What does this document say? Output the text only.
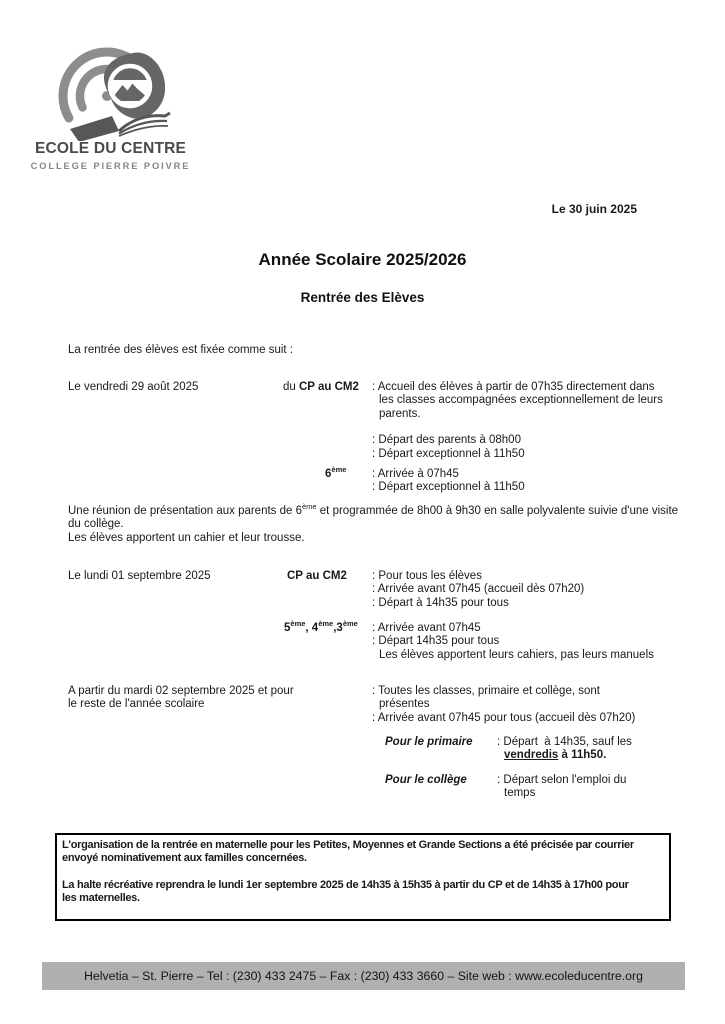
ECOLE DU CENTRE
COLLEGE PIERRE POIVRE
Le 30 juin 2025
Année Scolaire 2025/2026
Rentrée des Elèves
La rentrée des élèves est fixée comme suit :
Le vendredi 29 août 2025	du CP au CM2 : Accueil des élèves à partir de 07h35 directement dans
les classes accompagnées exceptionnellement de leurs
parents.
: Départ des parents à 08h00
: Départ exceptionnel à 11h50
6ème : Arrivée à 07h45
: Départ exceptionnel à 11h50
Une réunion de présentation aux parents de 6ème et programmée de 8h00 à 9h30 en salle polyvalente suivie d'une visite
du collège.
Les élèves apportent un cahier et leur trousse.
Le lundi 01 septembre 2025	CP au CM2 : Pour tous les élèves
: Arrivée avant 07h45 (accueil dès 07h20)
: Départ à 14h35 pour tous
5ème, 4ème,3ème : Arrivée avant 07h45
: Départ 14h35 pour tous
Les élèves apportent leurs cahiers, pas leurs manuels
A partir du mardi 02 septembre 2025 et pour
le reste de l'année scolaire
: Toutes les classes, primaire et collège, sont
présentes
: Arrivée avant 07h45 pour tous (accueil dès 07h20)
Pour le primaire : Départ  à 14h35, sauf les
vendredis à 11h50.
Pour le collège	: Départ selon l'emploi du
temps
L'organisation de la rentrée en maternelle pour les Petites, Moyennes et Grande Sections a été précisée par courrier
envoyé nominativement aux familles concernées.
La halte récréative reprendra le lundi 1er septembre 2025 de 14h35 à 15h35 à partir du CP et de 14h35 à 17h00 pour
les maternelles.
Helvetia – St. Pierre – Tel : (230) 433 2475 – Fax : (230) 433 3660 – Site web : www.ecoleducentre.org
